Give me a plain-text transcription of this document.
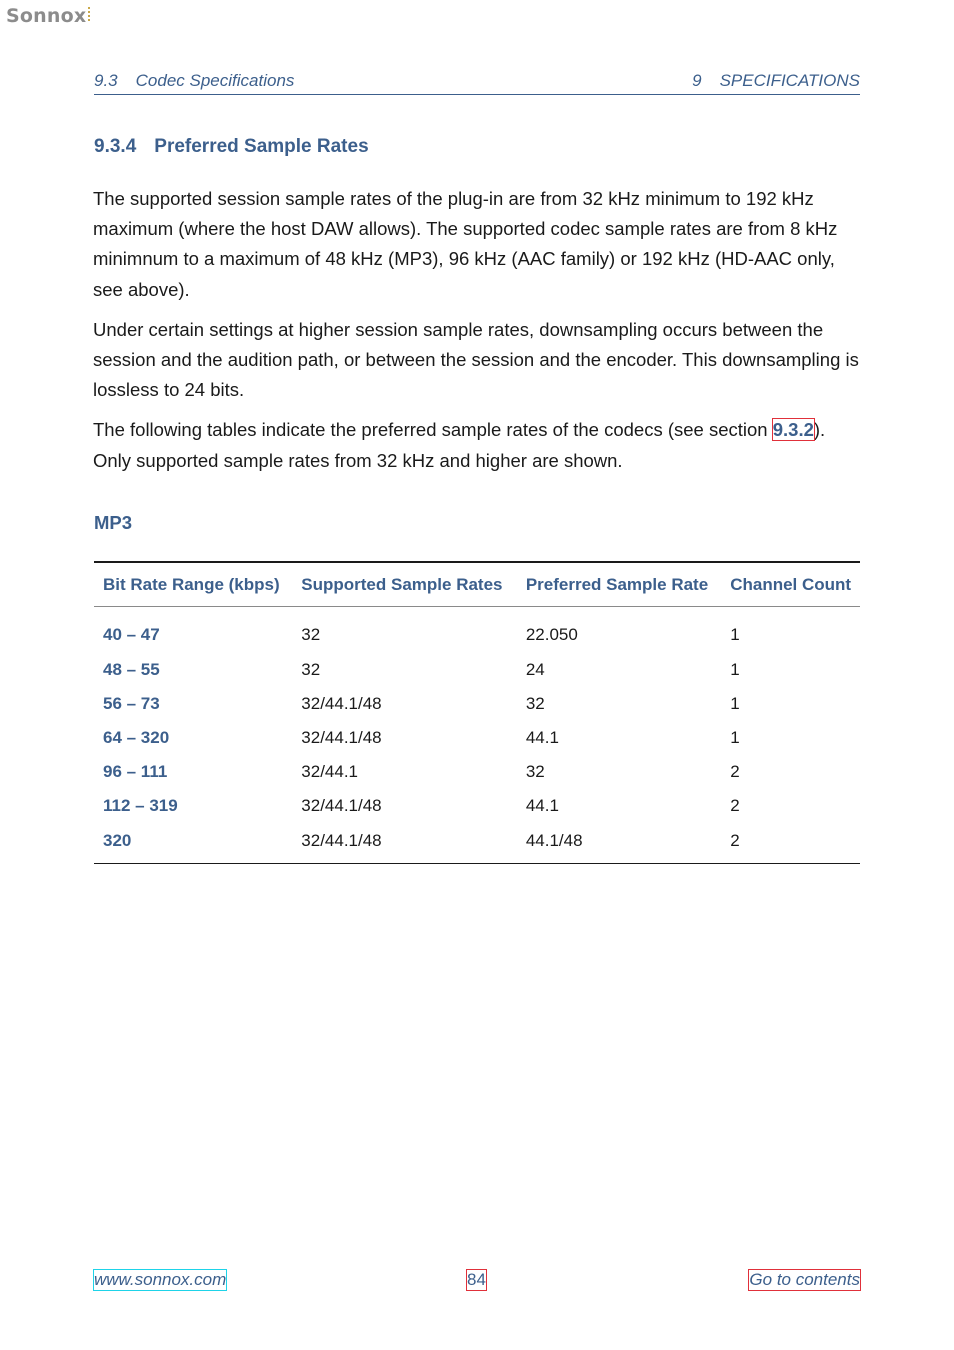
Sonnox
9.3 Codec Specifications	9 SPECIFICATIONS
9.3.4 Preferred Sample Rates

The supported session sample rates of the plug-in are from 32 kHz minimum to 192 kHz maximum (where the host DAW allows). The supported codec sample rates are from 8 kHz minimnum to a maximum of 48 kHz (MP3), 96 kHz (AAC family) or 192 kHz (HD-AAC only, see above).

Under certain settings at higher session sample rates, downsampling occurs between the session and the audition path, or between the session and the encoder. This downsampling is lossless to 24 bits.

The following tables indicate the preferred sample rates of the codecs (see section 9.3.2). Only supported sample rates from 32 kHz and higher are shown.

MP3
Bit Rate Range (kbps)	Supported Sample Rates	Preferred Sample Rate	Channel Count
40 – 47	32	22.050	1
48 – 55	32	24	1
56 – 73	32/44.1/48	32	1
64 – 320	32/44.1/48	44.1	1
96 – 111	32/44.1	32	2
112 – 319	32/44.1/48	44.1	2
320	32/44.1/48	44.1/48	2
www.sonnox.com	84	Go to contents
